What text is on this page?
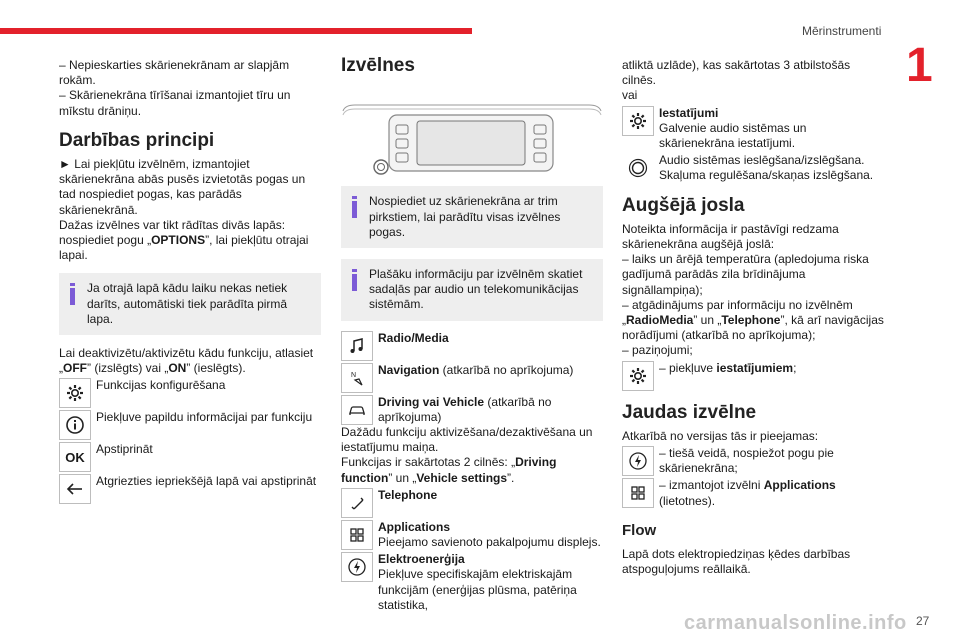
Mērinstrumenti
1

– Nepieskarties skārienekrānam ar slapjām rokām.

– Skārienekrāna tīrīšanai izmantojiet tīru un mīkstu drāniņu.

Darbības principi

► Lai piekļūtu izvēlnēm, izmantojiet skārienekrāna abās pusēs izvietotās pogas un tad nospiediet pogas, kas parādās skārienekrānā.

Dažas izvēlnes var tikt rādītas divās lapās: nospiediet pogu „OPTIONS”, lai piekļūtu otrajai lapai.

Ja otrajā lapā kādu laiku nekas netiek darīts, automātiski tiek parādīta pirmā lapa.

Lai deaktivizētu/aktivizētu kādu funkciju, atlasiet „OFF” (izslēgts) vai „ON” (ieslēgts).

Funkcijas konfigurēšana

Piekļuve papildu informācijai par funkciju

OK

Apstiprināt

Atgriezties iepriekšējā lapā vai apstiprināt

Izvēlnes

Nospiediet uz skārienekrāna ar trim pirkstiem, lai parādītu visas izvēlnes pogas.

Plašāku informāciju par izvēlnēm skatiet sadaļās par audio un telekomunikācijas sistēmām.

Radio/Media

N Navigation (atkarībā no aprīkojuma)

Driving vai Vehicle (atkarībā no aprīkojuma)

Dažādu funkciju aktivizēšana/dezaktivēšana un iestatījumu maiņa.

Funkcijas ir sakārtotas 2 cilnēs: „Driving function” un „Vehicle settings”.

Telephone

Applications
Pieejamo savienoto pakalpojumu displejs.

Elektroenerģija
Piekļuve specifiskajām elektriskajām funkcijām (enerģijas plūsma, patēriņa statistika,

atliktā uzlāde), kas sakārtotas 3 atbilstošās cilnēs.

vai

Iestatījumi
Galvenie audio sistēmas un skārienekrāna iestatījumi.

Audio sistēmas ieslēgšana/izslēgšana. Skaļuma regulēšana/skaņas izslēgšana.

Augšējā josla

Noteikta informācija ir pastāvīgi redzama skārienekrāna augšējā joslā:

– laiks un ārējā temperatūra (apledojuma riska gadījumā parādās zila brīdinājuma signāllampiņa);

– atgādinājums par informāciju no izvēlnēm „RadioMedia” un „Telephone”, kā arī navigācijas norādījumi (atkarībā no aprīkojuma);

– paziņojumi;

– piekļuve iestatījumiem;

Jaudas izvēlne

Atkarībā no versijas tās ir pieejamas:

– tiešā veidā, nospiežot pogu pie skārienekrāna;

– izmantojot izvēlni Applications (lietotnes).

Flow

Lapā dots elektropiedziņas ķēdes darbības atspoguļojums reāllaikā.

carmanualsonline.info 27
